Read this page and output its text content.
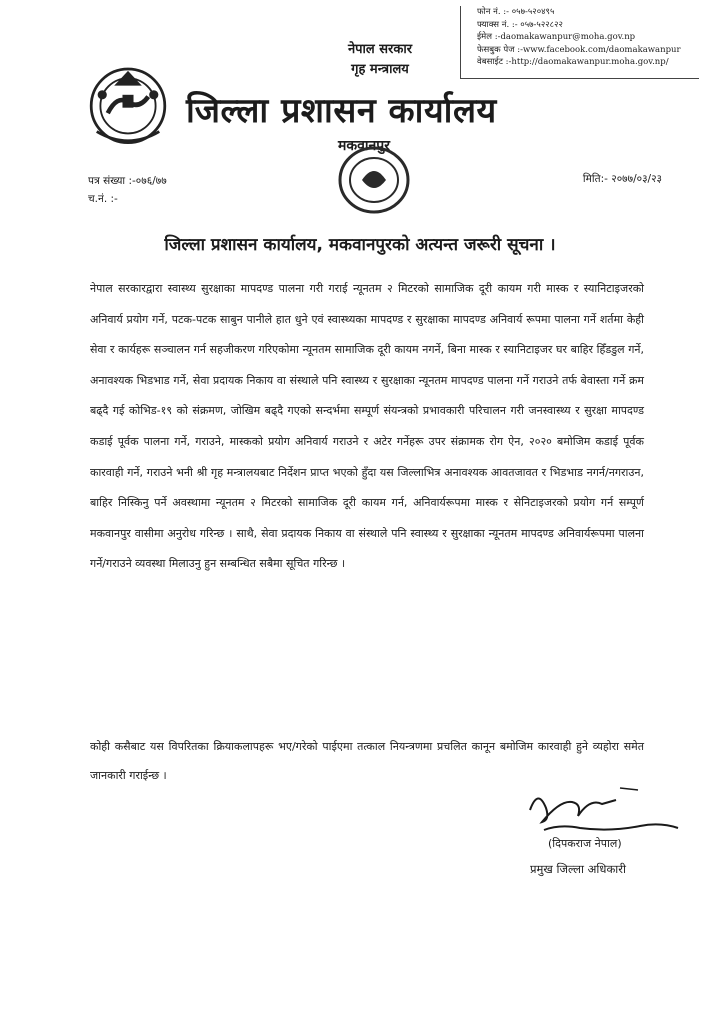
नेपाल सरकार
गृह मन्त्रालय
जिल्ला प्रशासन कार्यालय
मकवानपुर
फोन नं. :- ०५७-५२०४९५
फ्याक्स नं. :- ०५७-५२२८२२
ईमेल :-daomakawanpur@moha.gov.np
फेसबुक पेज :-www.facebook.com/daomakawanpur
वेबसाईट :-http://daomakawanpur.moha.gov.np/
पत्र संख्या :-०७६/७७
च.नं. :-
मिति:- २०७७/०३/२३
जिल्ला प्रशासन कार्यालय, मकवानपुरको अत्यन्त जरूरी सूचना ।
नेपाल सरकारद्वारा स्वास्थ्य सुरक्षाका मापदण्ड पालना गरी गराई न्यूनतम २ मिटरको सामाजिक दूरी कायम गरी मास्क र स्यानिटाइजरको अनिवार्य प्रयोग गर्ने, पटक-पटक साबुन पानीले हात धुने एवं स्वास्थ्यका मापदण्ड र सुरक्षाका मापदण्ड अनिवार्य रूपमा पालना गर्ने शर्तमा केही सेवा र कार्यहरू सञ्चालन गर्न सहजीकरण गरिएकोमा न्यूनतम सामाजिक दूरी कायम नगर्ने, बिना मास्क र स्यानिटाइजर घर बाहिर हिँडडुल गर्ने, अनावश्यक भिडभाड गर्ने, सेवा प्रदायक निकाय वा संस्थाले पनि स्वास्थ्य र सुरक्षाका न्यूनतम मापदण्ड पालना गर्ने गराउने तर्फ बेवास्ता गर्ने क्रम बढ्दै गई कोभिड-१९ को संक्रमण, जोखिम बढ्दै गएको सन्दर्भमा सम्पूर्ण संयन्त्रको प्रभावकारी परिचालन गरी जनस्वास्थ्य र सुरक्षा मापदण्ड कडाई पूर्वक पालना गर्ने, गराउने, मास्कको प्रयोग अनिवार्य गराउने र अटेर गर्नेहरू उपर संक्रामक रोग ऐन, २०२० बमोजिम कडाई पूर्वक कारवाही गर्ने, गराउने भनी श्री गृह मन्त्रालयबाट निर्देशन प्राप्त भएको हुँदा यस जिल्लाभित्र अनावश्यक आवतजावत र भिडभाड नगर्न/नगराउन, बाहिर निस्किनु पर्ने अवस्थामा न्यूनतम २ मिटरको सामाजिक दूरी कायम गर्न, अनिवार्यरूपमा मास्क र सेनिटाइजरको प्रयोग गर्न सम्पूर्ण मकवानपुर वासीमा अनुरोध गरिन्छ । साथै, सेवा प्रदायक निकाय वा संस्थाले पनि स्वास्थ्य र सुरक्षाका न्यूनतम मापदण्ड अनिवार्यरूपमा पालना गर्ने/गराउने व्यवस्था मिलाउनु हुन सम्बन्धित सबैमा सूचित गरिन्छ ।
कोही कसैबाट यस विपरितका क्रियाकलापहरू भए/गरेको पाईएमा तत्काल नियन्त्रणमा प्रचलित कानून बमोजिम कारवाही हुने व्यहोरा समेत जानकारी गराईन्छ ।
(दिपकराज नेपाल)
प्रमुख जिल्ला अधिकारी
